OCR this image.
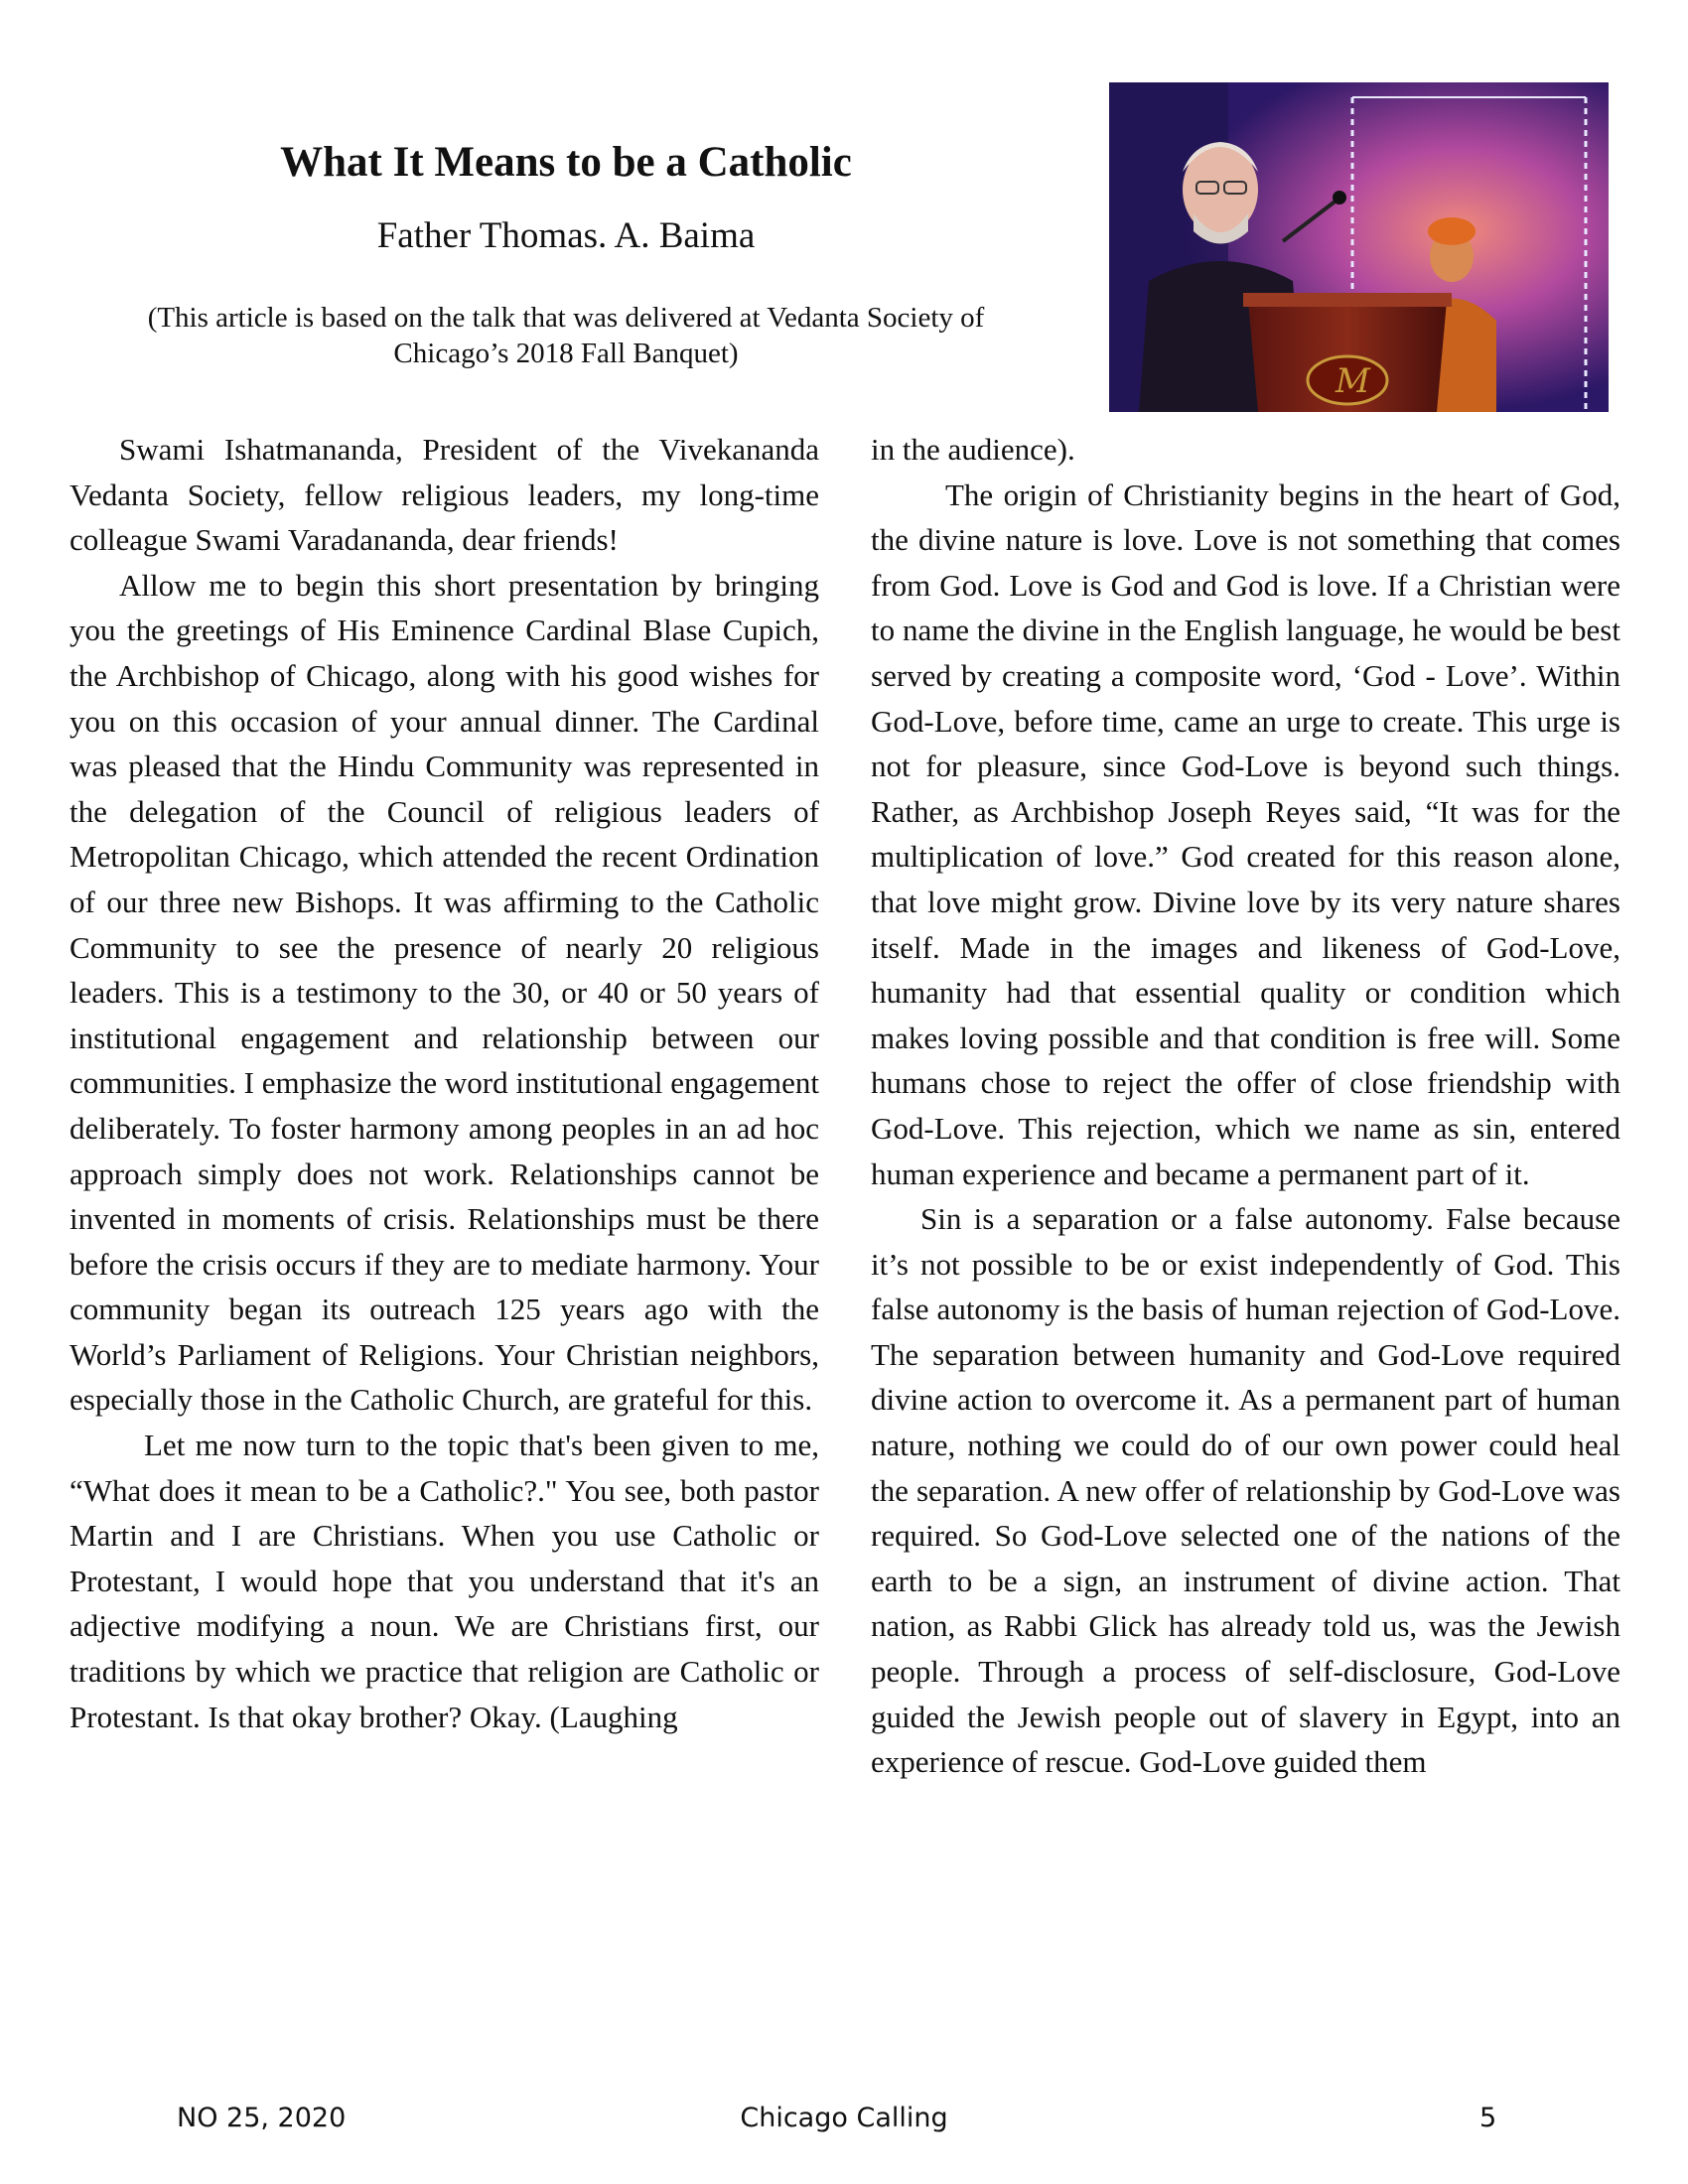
What It Means to be a Catholic
Father Thomas. A. Baima
(This article is based on the talk that was delivered at Vedanta Society of Chicago’s 2018 Fall Banquet)
M

Swami Ishatmananda, President of the Vivekananda Vedanta Society, fellow religious leaders, my long-time colleague Swami Varadananda, dear friends!

Allow me to begin this short presentation by bringing you the greetings of His Eminence Cardinal Blase Cupich, the Archbishop of Chicago, along with his good wishes for you on this occasion of your annual dinner. The Cardinal was pleased that the Hindu Community was represented in the delegation of the Council of religious leaders of Metropolitan Chicago, which attended the recent Ordination of our three new Bishops. It was affirming to the Catholic Community to see the presence of nearly 20 religious leaders. This is a testimony to the 30, or 40 or 50 years of institutional engagement and relationship between our communities. I emphasize the word institutional engagement deliberately. To foster harmony among peoples in an ad hoc approach simply does not work. Relationships cannot be invented in moments of crisis. Relationships must be there before the crisis occurs if they are to mediate harmony. Your community began its outreach 125 years ago with the World’s Parliament of Religions. Your Christian neighbors, especially those in the Catholic Church, are grateful for this.

Let me now turn to the topic that's been given to me, “What does it mean to be a Catholic?." You see, both pastor Martin and I are Christians. When you use Catholic or Protestant, I would hope that you understand that it's an adjective modifying a noun. We are Christians first, our traditions by which we practice that religion are Catholic or Protestant. Is that okay brother? Okay. (Laughing

in the audience).

The origin of Christianity begins in the heart of God, the divine nature is love. Love is not something that comes from God. Love is God and God is love. If a Christian were to name the divine in the English language, he would be best served by creating a composite word, ‘God - Love’. Within God-Love, before time, came an urge to create. This urge is not for pleasure, since God-Love is beyond such things. Rather, as Archbishop Joseph Reyes said, “It was for the multiplication of love.” God created for this reason alone, that love might grow. Divine love by its very nature shares itself. Made in the images and likeness of God-Love, humanity had that essential quality or condition which makes loving possible and that condition is free will. Some humans chose to reject the offer of close friendship with God-Love. This rejection, which we name as sin, entered human experience and became a permanent part of it.

Sin is a separation or a false autonomy. False because it’s not possible to be or exist independently of God. This false autonomy is the basis of human rejection of God-Love. The separation between humanity and God-Love required divine action to overcome it. As a permanent part of human nature, nothing we could do of our own power could heal the separation. A new offer of relationship by God-Love was required. So God-Love selected one of the nations of the earth to be a sign, an instrument of divine action. That nation, as Rabbi Glick has already told us, was the Jewish people. Through a process of self-disclosure, God-Love guided the Jewish people out of slavery in Egypt, into an experience of rescue. God-Love guided them

NO 25, 2020	Chicago Calling	5
